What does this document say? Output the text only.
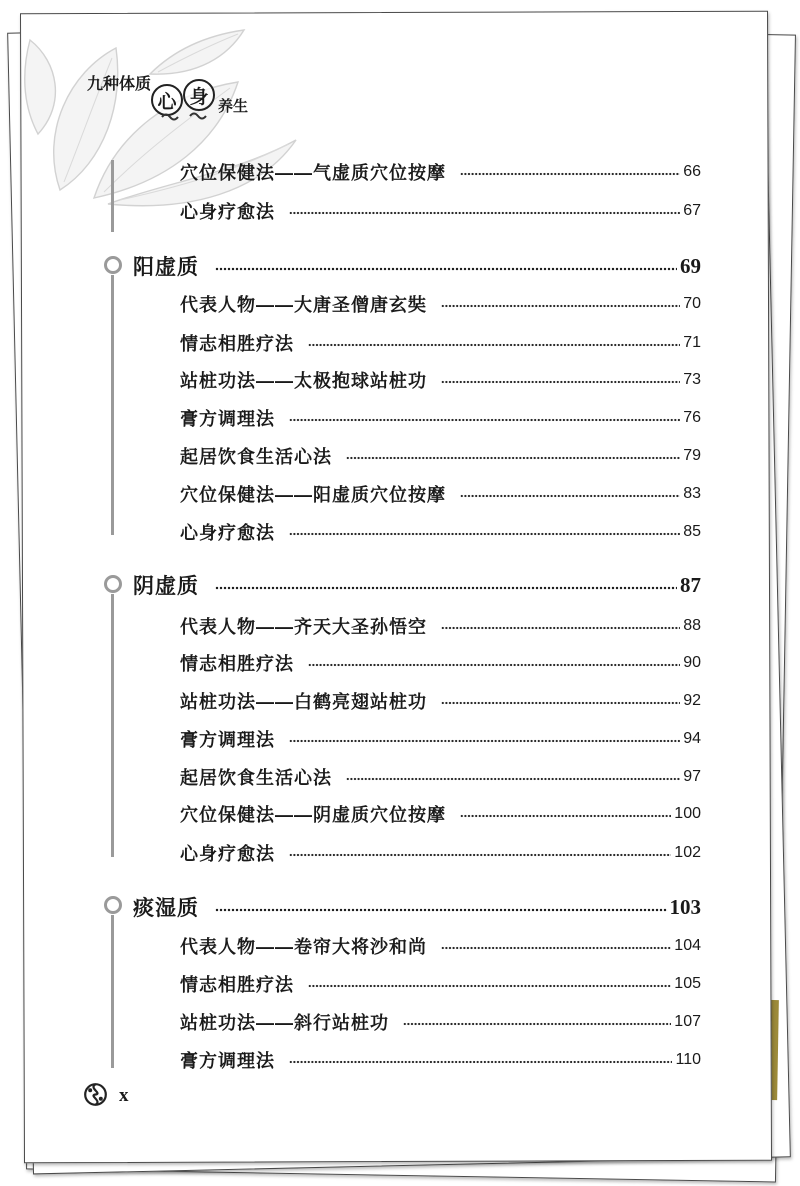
九种体质
心 身 养生
穴位保健法——气虚质穴位按摩	66
心身疗愈法	67
阳虚质	69
代表人物——大唐圣僧唐玄奘	70
情志相胜疗法	71
站桩功法——太极抱球站桩功	73
膏方调理法	76
起居饮食生活心法	79
穴位保健法——阳虚质穴位按摩	83
心身疗愈法	85
阴虚质	87
代表人物——齐天大圣孙悟空	88
情志相胜疗法	90
站桩功法——白鹤亮翅站桩功	92
膏方调理法	94
起居饮食生活心法	97
穴位保健法——阴虚质穴位按摩	100
心身疗愈法	102
痰湿质	103
代表人物——卷帘大将沙和尚	104
情志相胜疗法	105
站桩功法——斜行站桩功	107
膏方调理法	110
x
